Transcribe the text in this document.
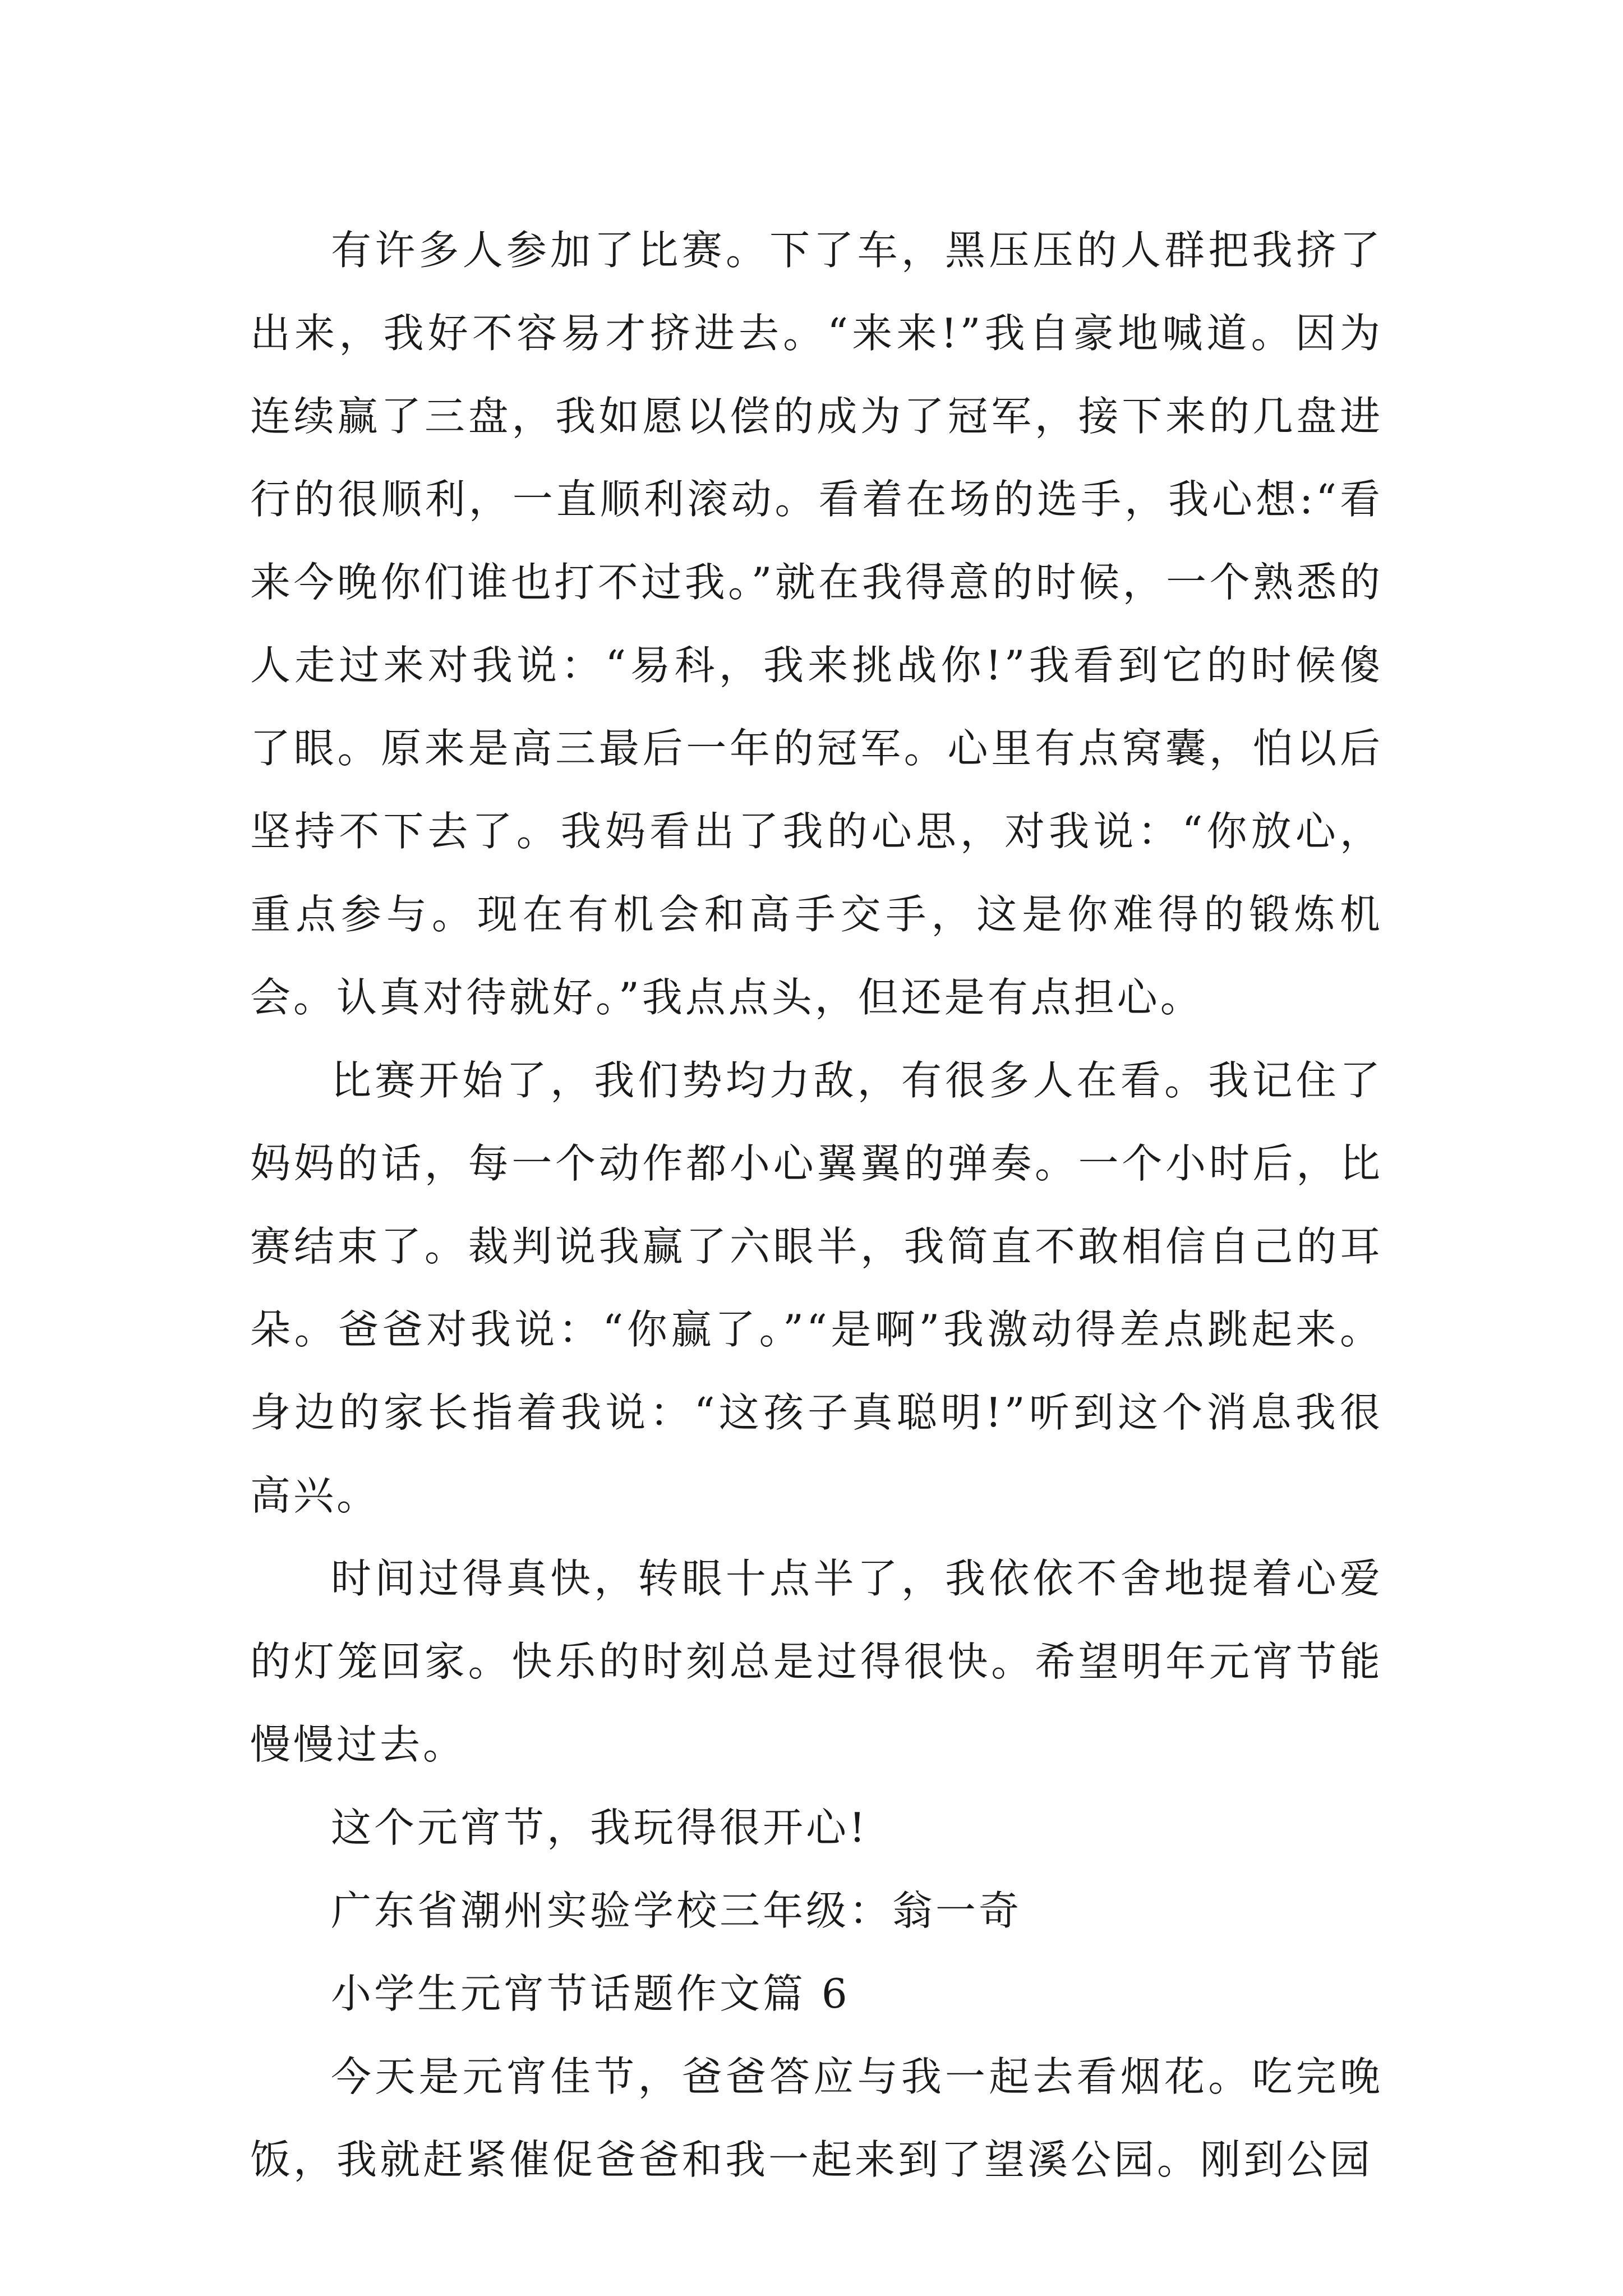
有许多人参加了比赛。下了车，黑压压的人群把我挤了出来，我好不容易才挤进去。“来来!”我自豪地喊道。因为连续赢了三盘，我如愿以偿的成为了冠军，接下来的几盘进行的很顺利，一直顺利滚动。看着在场的选手，我心想:“看来今晚你们谁也打不过我。”就在我得意的时候，一个熟悉的人走过来对我说：“易科，我来挑战你!”我看到它的时候傻了眼。原来是高三最后一年的冠军。心里有点窝囊，怕以后坚持不下去了。我妈看出了我的心思，对我说：“你放心，重点参与。现在有机会和高手交手，这是你难得的锻炼机会。认真对待就好。”我点点头，但还是有点担心。

比赛开始了，我们势均力敌，有很多人在看。我记住了妈妈的话，每一个动作都小心翼翼的弹奏。一个小时后，比赛结束了。裁判说我赢了六眼半，我简直不敢相信自己的耳朵。爸爸对我说：“你赢了。”“是啊”我激动得差点跳起来。身边的家长指着我说：“这孩子真聪明!”听到这个消息我很高兴。

时间过得真快，转眼十点半了，我依依不舍地提着心爱的灯笼回家。快乐的时刻总是过得很快。希望明年元宵节能慢慢过去。

这个元宵节，我玩得很开心!

广东省潮州实验学校三年级：翁一奇

小学生元宵节话题作文篇 6

今天是元宵佳节，爸爸答应与我一起去看烟花。吃完晚饭，我就赶紧催促爸爸和我一起来到了望溪公园。刚到公园
